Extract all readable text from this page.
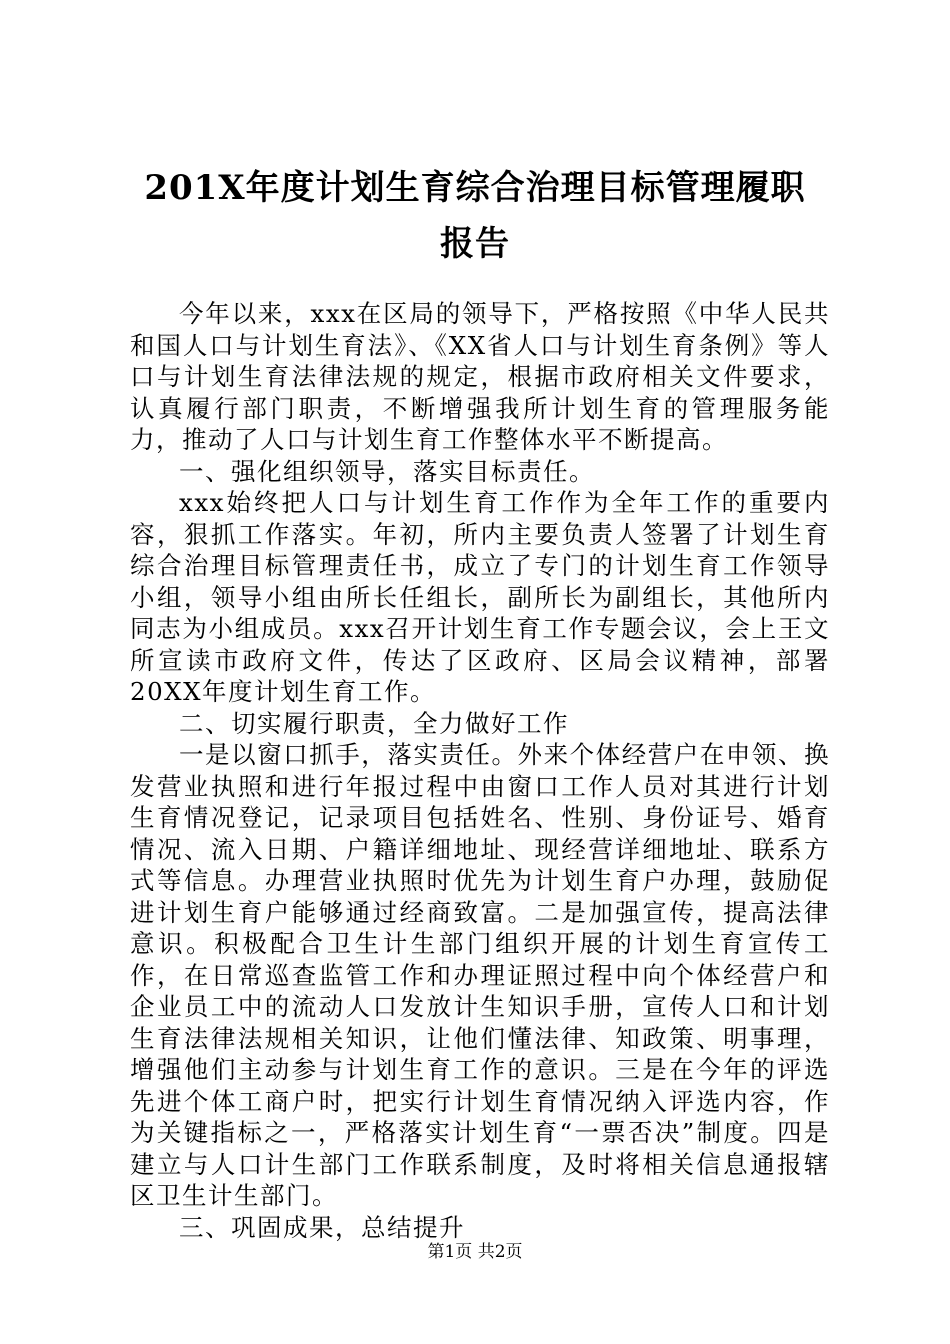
201X年度计划生育综合治理目标管理履职报告

今年以来，xxx在区局的领导下，严格按照《中华人民共和国人口与计划生育法》、《XX省人口与计划生育条例》等人口与计划生育法律法规的规定，根据市政府相关文件要求，认真履行部门职责，不断增强我所计划生育的管理服务能力，推动了人口与计划生育工作整体水平不断提高。

一、强化组织领导，落实目标责任。

xxx始终把人口与计划生育工作作为全年工作的重要内容，狠抓工作落实。年初，所内主要负责人签署了计划生育综合治理目标管理责任书，成立了专门的计划生育工作领导小组，领导小组由所长任组长，副所长为副组长，其他所内同志为小组成员。xxx召开计划生育工作专题会议，会上王文所宣读市政府文件，传达了区政府、区局会议精神，部署20XX年度计划生育工作。

二、切实履行职责，全力做好工作

一是以窗口抓手，落实责任。外来个体经营户在申领、换发营业执照和进行年报过程中由窗口工作人员对其进行计划生育情况登记，记录项目包括姓名、性别、身份证号、婚育情况、流入日期、户籍详细地址、现经营详细地址、联系方式等信息。办理营业执照时优先为计划生育户办理，鼓励促进计划生育户能够通过经商致富。二是加强宣传，提高法律意识。积极配合卫生计生部门组织开展的计划生育宣传工作，在日常巡查监管工作和办理证照过程中向个体经营户和企业员工中的流动人口发放计生知识手册，宣传人口和计划生育法律法规相关知识，让他们懂法律、知政策、明事理，增强他们主动参与计划生育工作的意识。三是在今年的评选先进个体工商户时，把实行计划生育情况纳入评选内容，作为关键指标之一，严格落实计划生育“一票否决”制度。四是建立与人口计生部门工作联系制度，及时将相关信息通报辖区卫生计生部门。

三、巩固成果，总结提升

第1页 共2页
